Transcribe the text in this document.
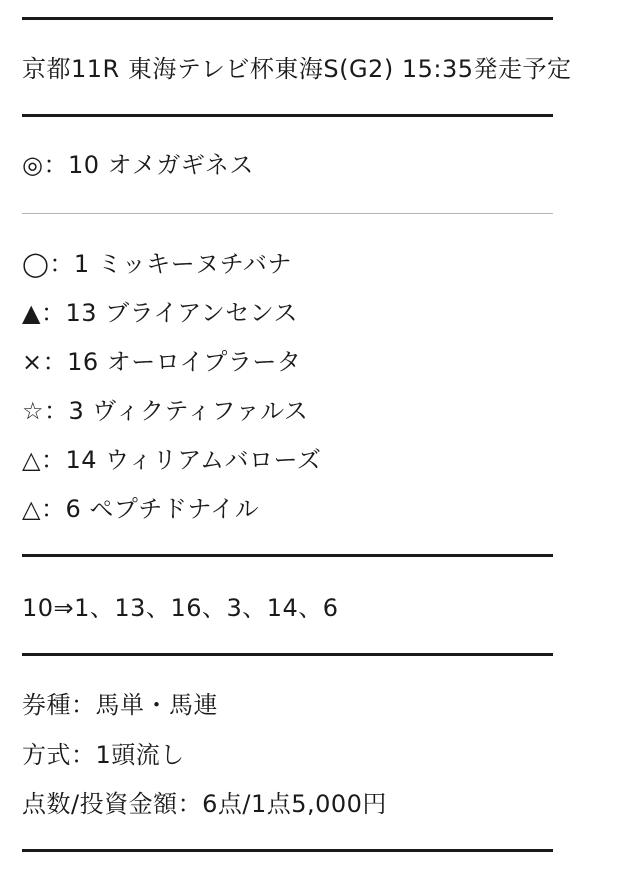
京都11R 東海テレビ杯東海S(G2) 15:35発走予定
◎：10 オメガギネス
◯：1 ミッキーヌチバナ
▲：13 ブライアンセンス
×：16 オーロイプラータ
☆：3 ヴィクティファルス
△：14 ウィリアムバローズ
△：6 ペプチドナイル
10⇒1、13、16、3、14、6
券種：馬単・馬連
方式：1頭流し
点数/投資金額：6点/1点5,000円
